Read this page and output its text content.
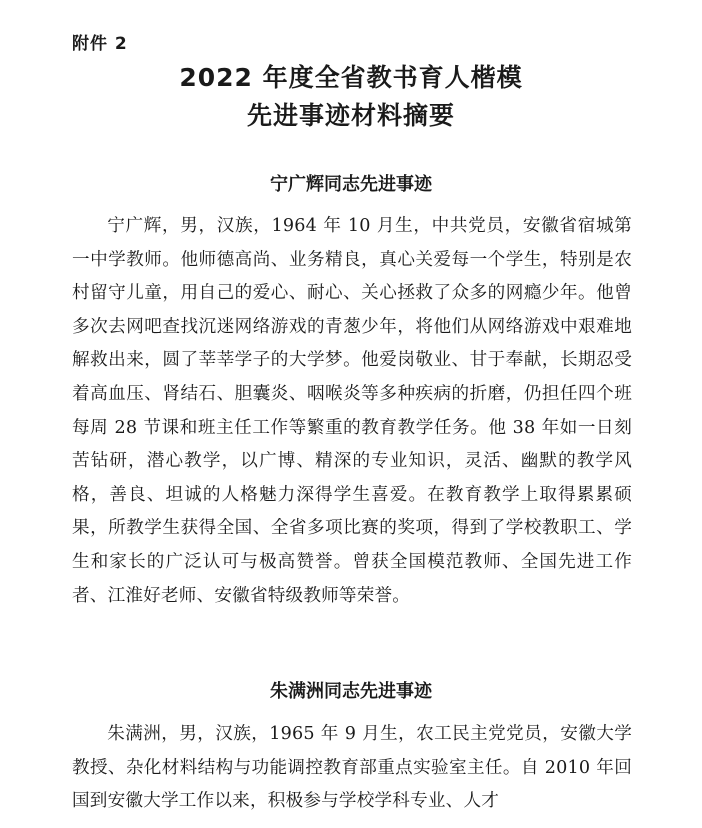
附件 2
2022 年度全省教书育人楷模
先进事迹材料摘要
宁广辉同志先进事迹

宁广辉，男，汉族，1964 年 10 月生，中共党员，安徽省宿城第一中学教师。他师德高尚、业务精良，真心关爱每一个学生，特别是农村留守儿童，用自己的爱心、耐心、关心拯救了众多的网瘾少年。他曾多次去网吧查找沉迷网络游戏的青葱少年，将他们从网络游戏中艰难地解救出来，圆了莘莘学子的大学梦。他爱岗敬业、甘于奉献，长期忍受着高血压、肾结石、胆囊炎、咽喉炎等多种疾病的折磨，仍担任四个班每周 28 节课和班主任工作等繁重的教育教学任务。他 38 年如一日刻苦钻研，潜心教学，以广博、精深的专业知识，灵活、幽默的教学风格，善良、坦诚的人格魅力深得学生喜爱。在教育教学上取得累累硕果，所教学生获得全国、全省多项比赛的奖项，得到了学校教职工、学生和家长的广泛认可与极高赞誉。曾获全国模范教师、全国先进工作者、江淮好老师、安徽省特级教师等荣誉。

朱满洲同志先进事迹

朱满洲，男，汉族，1965 年 9 月生，农工民主党党员，安徽大学教授、杂化材料结构与功能调控教育部重点实验室主任。自 2010 年回国到安徽大学工作以来，积极参与学校学科专业、人才
